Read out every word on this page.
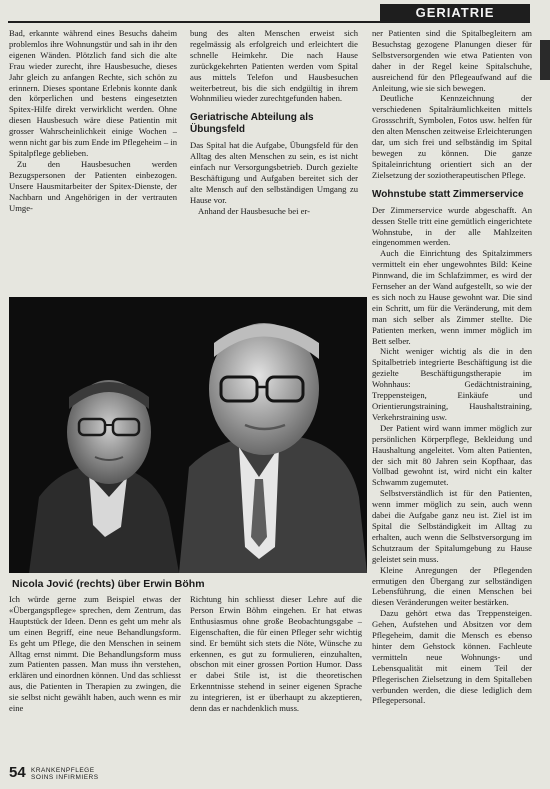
GERIATRIE

Bad, erkannte während eines Besuchs daheim problemlos ihre Wohnungstür und sah in ihr den eigenen Wänden. Plötzlich fand sich die alte Frau wieder zurecht, ihre Hausbesuche, dieses Jahr gleich zu anfangen Rechte, sich schön zu erinnern. Dieses spontane Erlebnis konnte dank den körperlichen und bestens eingesetzten Spitex-Hilfe direkt verwirklicht werden. Ohne diesen Hausbesuch wäre diese Patientin mit grosser Wahrscheinlichkeit einige Wochen – wenn nicht gar bis zum Ende im Pflegeheim – in Spitalpflege geblieben.

Zu den Hausbesuchen werden Bezugspersonen der Patienten einbezogen. Unsere Hausmitarbeiter der Spitex-Dienste, der Nachbarn und Angehörigen in der vertrauten Umge-

bung des alten Menschen erweist sich regelmässig als erfolgreich und erleichtert die schnelle Heimkehr. Die nach Hause zurückgekehrten Patienten werden vom Spital aus mittels Telefon und Hausbesuchen weiterbetreut, bis die sich endgültig in ihrem Wohnmilieu wieder zurechtgefunden haben.

Geriatrische Abteilung als Übungsfeld

Das Spital hat die Aufgabe, Übungsfeld für den Alltag des alten Menschen zu sein, es ist nicht einfach nur Versorgungsbetrieb. Durch gezielte Beschäftigung und Aufgaben bereitet sich der alte Mensch auf den selbständigen Umgang zu Hause vor.

Anhand der Hausbesuche bei er-

ner Patienten sind die Spitalbegleitern am Besuchstag gezogene Planungen dieser für Selbstversorgenden wie etwa Patienten von daher in der Regel keine Spitalschuhe, ausreichend für den Pflegeaufwand auf die Anleitung, wie sie sich bewegen.

Deutliche Kennzeichnung der verschiedenen Spitalräumlichkeiten mittels Grossschrift, Symbolen, Fotos usw. helfen für den alten Menschen zeitweise Erleichterungen dar, um sich frei und selbständig im Spital bewegen zu können. Die ganze Spitaleinrichtung orientiert sich an der Zielsetzung der soziotherapeutischen Pflege.

Wohnstube statt Zimmerservice

Der Zimmerservice wurde abgeschafft. An dessen Stelle tritt eine gemütlich eingerichtete Wohnstube, in der alle Mahlzeiten eingenommen werden.

Auch die Einrichtung des Spitalzimmers vermittelt ein eher ungewohntes Bild: Keine Pinnwand, die im Schlafzimmer, es wird der Fernseher an der Wand aufgestellt, so wie der es sich noch zu Hause gewohnt war. Die sind ein Schritt, um für die Veränderung, mit dem man sich selber als Zimmer stellte. Die Patienten merken, wenn immer möglich im Bett selber.

Nicht weniger wichtig als die in den Spitalbetrieb integrierte Beschäftigung ist die gezielte Beschäftigungstherapie im Wohnhaus: Gedächtnistraining, Treppensteigen, Einkäufe und Orientierungstraining, Haushaltstraining, Verkehrstraining usw.

Der Patient wird wann immer möglich zur persönlichen Körperpflege, Bekleidung und Haushaltung angeleitet. Vom alten Patienten, der sich mit 80 Jahren sein Kopfhaar, das Vollbad gewohnt ist, wird nicht ein kalter Schwamm zugemutet.

Selbstverständlich ist für den Patienten, wenn immer möglich zu sein, auch wenn dabei die Aufgabe ganz neu ist. Ziel ist im Spital die Selbständigkeit im Alltag zu erhalten, auch wenn die Selbstversorgung im Schutzraum der Spitalumgebung zu Hause geleistet sein muss.

Kleine Anregungen der Pflegenden ermutigen den Übergang zur selbständigen Lebensführung, die einen Menschen bei diesen Veränderungen weiter bestärken.

Dazu gehört etwa das Treppensteigen. Gehen, Aufstehen und Absitzen vor dem Pflegeheim, damit die Mensch es ebenso hinter dem Gehstock können. Fachleute vermitteln neue Wohnungs- und Lebensqualität mit einem Teil der Pflegerischen Zielsetzung in dem Spitalleben verbunden werden, die diese lediglich dem Pflegepersonal.

Nicola Jović (rechts) über Erwin Böhm

Ich würde gerne zum Beispiel etwas der «Übergangspflege» sprechen, dem Zentrum, das Hauptstück der Ideen. Denn es geht um mehr als um einen Begriff, eine neue Behandlungsform. Es geht um Pflege, die den Menschen in seinem Alltag ernst nimmt. Die Behandlungsform muss zum Patienten passen. Man muss ihn verstehen, erklären und einordnen können. Und das schliesst aus, die Patienten in Therapien zu zwingen, die sie selbst nicht gewählt haben, auch wenn es mir eine

Richtung hin schliesst dieser Lehre auf die Person Erwin Böhm eingehen. Er hat etwas Enthusiasmus ohne große Beobachtungsgabe – Eigenschaften, die für einen Pfleger sehr wichtig sind. Er bemüht sich stets die Nöte, Wünsche zu erkennen, es gut zu formulieren, einzuhalten, obschon mit einer grossen Portion Humor. Dass er dabei Stile ist, ist die theoretischen Erkenntnisse stehend in seiner eigenen Sprache zu integrieren, ist er überhaupt zu akzeptieren, denn das er nachdenklich muss.

54 KRANKENPFLEGE
SOINS INFIRMIERS
